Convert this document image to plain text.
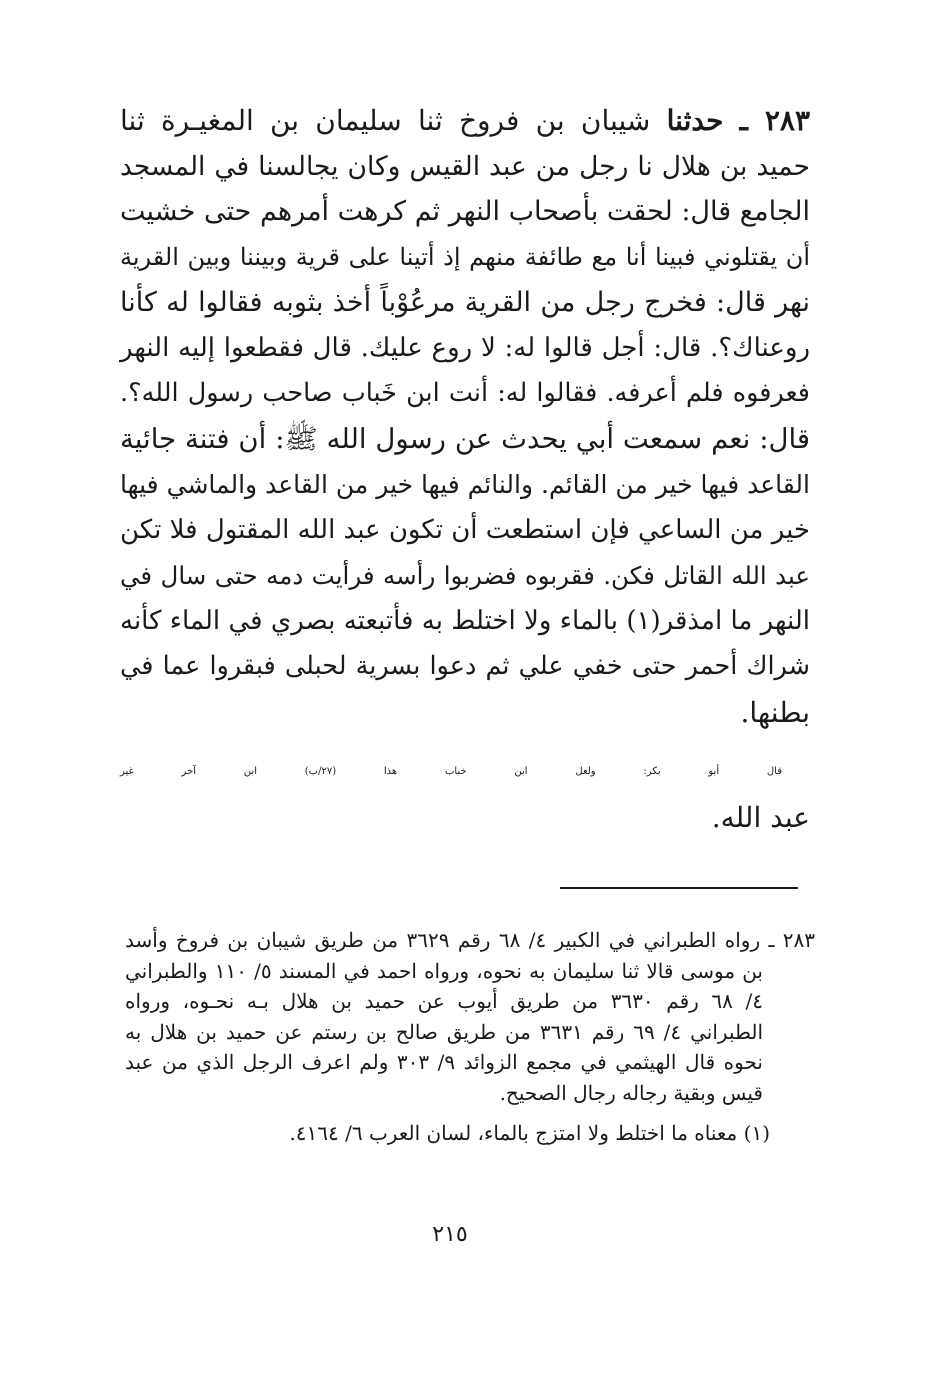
٢٨٣ ـ حدثنا شيبان بن فروخ ثنا سليمان بن المغيـرة ثنا
حميد بن هلال نا رجل من عبد القيس وكان يجالسنا في المسجد
الجامع قال: لحقت بأصحاب النهر ثم كرهت أمرهم حتى خشيت
أن يقتلوني فبينا أنا مع طائفة منهم إذ أتينا على قرية وبيننا وبين القرية
نهر قال: فخرج رجل من القرية مرعُوْباً أخذ بثوبه فقالوا له كأنا
روعناك؟. قال: أجل قالوا له: لا روع عليك. قال فقطعوا إليه النهر
فعرفوه فلم أعرفه. فقالوا له: أنت ابن خَباب صاحب رسول الله؟.
قال: نعم سمعت أبي يحدث عن رسول الله ﷺ: أن فتنة جائية
القاعد فيها خير من القائم. والنائم فيها خير من القاعد والماشي فيها
خير من الساعي فإن استطعت أن تكون عبد الله المقتول فلا تكن
عبد الله القاتل فكن. فقربوه فضربوا رأسه فرأيت دمه حتى سال في
النهر ما امذقر(١) بالماء ولا اختلط به فأتبعته بصري في الماء كأنه
شراك أحمر حتى خفي علي ثم دعوا بسرية لحبلى فبقروا عما في
بطنها.
قال أبو بكر: ولعل ابن خباب هذا (٢٧/ب) ابن آخر غير
عبد الله.
٢٨٣ ـ رواه الطبراني في الكبير ٤/ ٦٨ رقم ٣٦٢٩ من طريق شيبان بن فروخ وأسد
بن موسى قالا ثنا سليمان به نحوه، ورواه احمد في المسند ٥/ ١١٠ والطبراني
٤/ ٦٨ رقم ٣٦٣٠ من طريق أيوب عن حميد بن هلال بـه نحـوه، ورواه
الطبراني ٤/ ٦٩ رقم ٣٦٣١ من طريق صالح بن رستم عن حميد بن هلال به
نحوه قال الهيثمي في مجمع الزوائد ٩/ ٣٠٣ ولم اعرف الرجل الذي من عبد
قيس وبقية رجاله رجال الصحيح.
(١) معناه ما اختلط ولا امتزج بالماء، لسان العرب ٦/ ٤١٦٤.
٢١٥
